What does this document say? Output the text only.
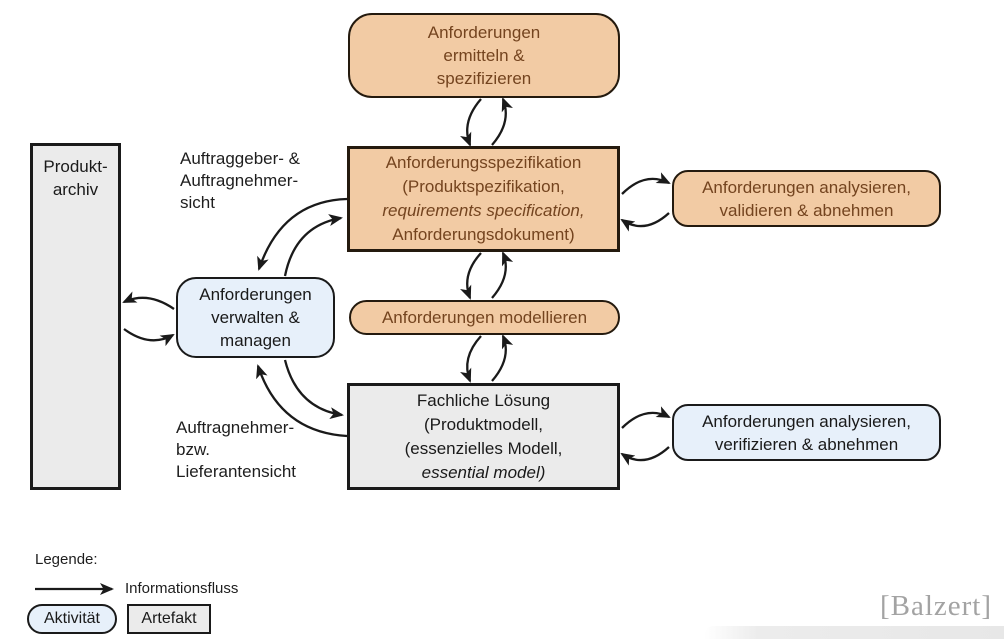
Produkt-
archiv
Anforderungen
ermitteln &
spezifizieren
Anforderungsspezifikation
(Produktspezifikation,
requirements specification,
Anforderungsdokument)
Anforderungen analysieren,
validieren & abnehmen
Anforderungen
verwalten &
managen
Anforderungen modellieren
Fachliche Lösung
(Produktmodell,
(essenzielles Modell,
essential model)
Anforderungen analysieren,
verifizieren & abnehmen
Auftraggeber- &
Auftragnehmer-
sicht
Auftragnehmer-
bzw.
Lieferantensicht
Legende:
Informationsfluss
Aktivität	Artefakt	[Balzert]
